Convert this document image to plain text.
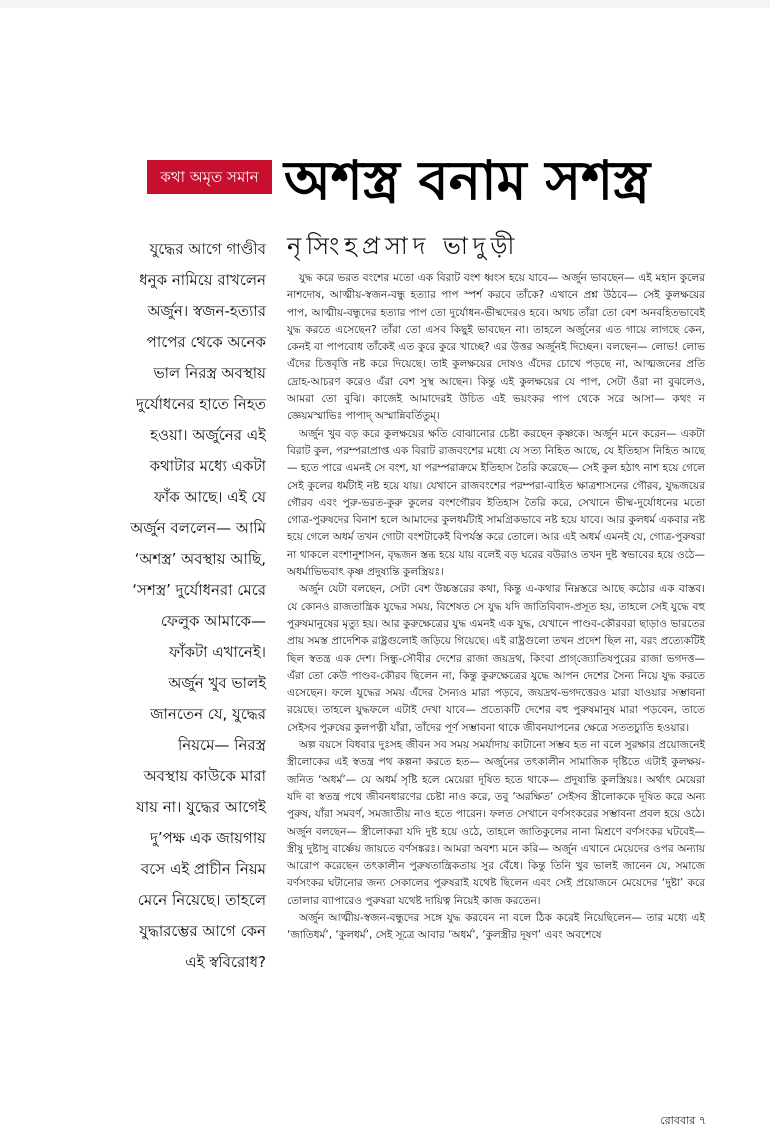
কথা অমৃত সমান অশস্ত্র বনাম সশস্ত্র
নৃসিংহপ্রসাদ ভাদুড়ী
যুদ্ধের আগে গাণ্ডীব ধনুক নামিয়ে রাখলেন অর্জুন। স্বজন-হত্যার পাপের থেকে অনেক ভাল নিরস্ত্র অবস্থায় দুর্যোধনের হাতে নিহত হওয়া। অর্জুনের এই কথাটার মধ্যে একটা ফাঁক আছে। এই যে অর্জুন বললেন— আমি ‘অশস্ত্র’ অবস্থায় আছি, ‘সশস্ত্র’ দুর্যোধনরা মেরে ফেলুক আমাকে— ফাঁকটা এখানেই। অর্জুন খুব ভালই জানতেন যে, যুদ্ধের নিয়মে— নিরস্ত্র অবস্থায় কাউকে মারা যায় না। যুদ্ধের আগেই দু’পক্ষ এক জায়গায় বসে এই প্রাচীন নিয়ম মেনে নিয়েছে। তাহলে যুদ্ধারম্ভের আগে কেন এই স্ববিরোধ?

যুদ্ধ করে ভরত বংশের মতো এক বিরাট বংশ ধ্বংস হয়ে যাবে— অর্জুন ভাবছেন— এই মহান কুলের নাশদোষ, আত্মীয়-স্বজন-বন্ধু হত্যার পাপ স্পর্শ করবে তাঁকে? এখানে প্রশ্ন উঠবে— সেই কুলক্ষয়ের পাপ, আত্মীয়-বন্ধুদের হত্যার পাপ তো দুর্যোধন-ভীষ্মদেরও হবে। অথচ তাঁরা তো বেশ অনবহিতভাবেই যুদ্ধ করতে এসেছেন? তাঁরা তো এসব কিছুই ভাবছেন না। তাহলে অর্জুনের এত গায়ে লাগছে কেন, কেনই বা পাপবোধ তাঁকেই এত কুরে কুরে খাচ্ছে? এর উত্তর অর্জুনই দিচ্ছেন। বলছেন— লোভ! লোভ এঁদের চিত্তবৃত্তি নষ্ট করে দিয়েছে। তাই কুলক্ষয়ের দোষও এঁদের চোখে পড়ছে না, আত্মজনের প্রতি দ্রোহ-আচরণ করেও এঁরা বেশ সুস্থ আছেন। কিন্তু এই কুলক্ষয়ের যে পাপ, সেটা ওঁরা না বুঝলেও, আমরা তো বুঝি। কাজেই আমাদেরই উচিত এই ভয়ংকর পাপ থেকে সরে আসা— কথং ন জ্ঞেয়মস্মাভিঃ পাপাদ্ অস্মান্নিবর্তিতুম্।

অর্জুন খুব বড় করে কুলক্ষয়ের ক্ষতি বোঝানোর চেষ্টা করছেন কৃষ্ণকে। অর্জুন মনে করেন— একটা বিরাট কুল, পরম্পরাপ্রাপ্ত এক বিরাট রাজবংশের মধ্যে যে সত্য নিহিত আছে, যে ইতিহাস নিহিত আছে— হতে পারে এমনই সে বংশ, যা পরম্পরাক্রমে ইতিহাস তৈরি করেছে— সেই কুল হঠাৎ নাশ হয়ে গেলে সেই কুলের ধর্মটাই নষ্ট হয়ে যায়। যেখানে রাজবংশের পরম্পরা-বাহিত ক্ষাত্রশাসনের গৌরব, যুদ্ধজয়ের গৌরব এবং পুরু-ভরত-কুরু কুলের বংশগৌরব ইতিহাস তৈরি করে, সেখানে ভীষ্ম-দুর্যোধনের মতো গোত্র-পুরুষদের বিনাশ হলে আমাদের কুলধর্মটাই সামগ্রিকভাবে নষ্ট হয়ে যাবে। আর কুলধর্ম একবার নষ্ট হয়ে গেলে অধর্ম তখন গোটা বংশটাকেই বিপর্যস্ত করে তোলে। আর এই অধর্ম এমনই যে, গোত্র-পুরুষরা না থাকলে বংশানুশাসন, বৃদ্ধজন স্তব্ধ হয়ে যায় বলেই বড় ঘরের বউরাও তখন দুষ্ট স্বভাবের হয়ে ওঠে— অধর্মাভিভবাৎ কৃষ্ণ প্রদুষ্যন্তি কুলস্ত্রিয়ঃ।

অর্জুন যেটা বলছেন, সেটা বেশ উচ্চস্তরের কথা, কিন্তু এ-কথার নিম্নস্তরে আছে কঠোর এক বাস্তব। যে কোনও রাজতান্ত্রিক যুদ্ধের সময়, বিশেষত সে যুদ্ধ যদি জাতিবিবাদ-প্রসূত হয়, তাহলে সেই যুদ্ধে বহু পুরুষমানুষের মৃত্যু হয়। আর কুরুক্ষেত্রের যুদ্ধ এমনই এক যুদ্ধ, যেখানে পাণ্ডব-কৌরবরা ছাড়াও ভারতের প্রায় সমস্ত প্রাদেশিক রাষ্ট্রগুলোই জড়িয়ে গিয়েছে। এই রাষ্ট্রগুলো তখন প্রদেশ ছিল না, বরং প্রত্যেকটিই ছিল স্বতন্ত্র এক দেশ। সিন্ধু-সৌবীর দেশের রাজা জয়দ্রথ, কিংবা প্রাগ্‌জ্যোতিষপুরের রাজা ভগদত্ত— এঁরা তো কেউ পাণ্ডব-কৌরব ছিলেন না, কিন্তু কুরুক্ষেত্রের যুদ্ধে আপন দেশের সৈন্য নিয়ে যুদ্ধ করতে এসেছেন। ফলে যুদ্ধের সময় এঁদের সৈন্যও মারা পড়বে, জয়দ্রথ-ভগদত্তেরও মারা যাওয়ার সম্ভাবনা রয়েছে। তাহলে যুদ্ধফলে এটাই দেখা যাবে— প্রত্যেকটি দেশের বহু পুরুষমানুষ মারা পড়বেন, তাতে সেইসব পুরুষের কুলপত্নী যাঁরা, তাঁদের পূর্ণ সম্ভাবনা থাকে জীবনযাপনের ক্ষেত্রে সততচ্যুতি হওয়ার।

অল্প বয়সে বিধবার দুঃসহ জীবন সব সময় সমর্যাদায় কাটানো সম্ভব হত না বলে সুরক্ষার প্রয়োজনেই স্ত্রীলোকের এই স্বতন্ত্র পথ কল্পনা করতে হত— অর্জুনের তৎকালীন সামাজিক দৃষ্টিতে এটাই কুলক্ষয়-জনিত ‘অধর্ম’— যে অধর্ম সৃষ্টি হলে মেয়েরা দূষিত হতে থাকে— প্রদুষ্যন্তি কুলস্ত্রিয়ঃ। অর্থাৎ মেয়েরা যদি বা স্বতন্ত্র পথে জীবনধারণের চেষ্টা নাও করে, তবু ‘অরক্ষিত’ সেইসব স্ত্রীলোককে দূষিত করে অন্য পুরুষ, যাঁরা সমবর্ণ, সমজাতীয় নাও হতে পারেন। ফলত সেখানে বর্ণসংকরের সম্ভাবনা প্রবল হয়ে ওঠে। অর্জুন বলছেন— স্ত্রীলোকরা যদি দুষ্ট হয়ে ওঠে, তাহলে জাতিকুলের নানা মিশ্রণে বর্ণসংকর ঘটবেই— স্ত্রীষু দুষ্টাসু বার্ষ্ণেয় জায়তে বর্ণসঙ্করঃ। আমরা অবশ্য মনে করি— অর্জুন এখানে মেয়েদের ওপর অন্যায় আরোপ করেছেন তৎকালীন পুরুষতান্ত্রিকতায় সুর বেঁধে। কিন্তু তিনি খুব ভালই জানেন যে, সমাজে বর্ণসংকর ঘটানোর জন্য সেকালের পুরুষরাই যথেষ্ট ছিলেন এবং সেই প্রয়োজনে মেয়েদের ‘দুষ্টা’ করে তোলার ব্যাপারেও পুরুষরা যথেষ্ট দায়িত্ব নিয়েই কাজ করতেন।

অর্জুন আত্মীয়-স্বজন-বন্ধুদের সঙ্গে যুদ্ধ করবেন না বলে ঠিক করেই নিয়েছিলেন— তার মধ্যে এই ‘জাতিধর্ম’, ‘কুলধর্ম’, সেই সূত্রে আবার ‘অধর্ম’, ‘কুলস্ত্রীর দূষণ’ এবং অবশেষে

রোববার ৭
